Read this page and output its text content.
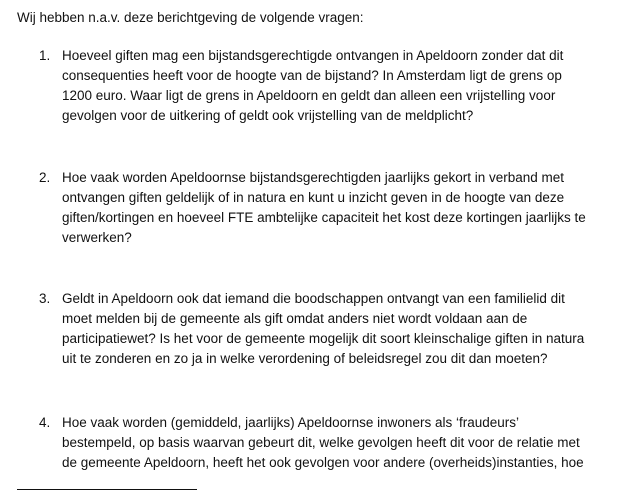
Wij hebben n.a.v. deze berichtgeving de volgende vragen:

1. Hoeveel giften mag een bijstandsgerechtigde ontvangen in Apeldoorn zonder dat dit
consequenties heeft voor de hoogte van de bijstand? In Amsterdam ligt de grens op
1200 euro. Waar ligt de grens in Apeldoorn en geldt dan alleen een vrijstelling voor
gevolgen voor de uitkering of geldt ook vrijstelling van de meldplicht?

2. Hoe vaak worden Apeldoornse bijstandsgerechtigden jaarlijks gekort in verband met
ontvangen giften geldelijk of in natura en kunt u inzicht geven in de hoogte van deze
giften/kortingen en hoeveel FTE ambtelijke capaciteit het kost deze kortingen jaarlijks te
verwerken?

3. Geldt in Apeldoorn ook dat iemand die boodschappen ontvangt van een familielid dit
moet melden bij de gemeente als gift omdat anders niet wordt voldaan aan de
participatiewet? Is het voor de gemeente mogelijk dit soort kleinschalige giften in natura
uit te zonderen en zo ja in welke verordening of beleidsregel zou dit dan moeten?

4. Hoe vaak worden (gemiddeld, jaarlijks) Apeldoornse inwoners als ‘fraudeurs’
bestempeld, op basis waarvan gebeurt dit, welke gevolgen heeft dit voor de relatie met
de gemeente Apeldoorn, heeft het ook gevolgen voor andere (overheids)instanties, hoe
